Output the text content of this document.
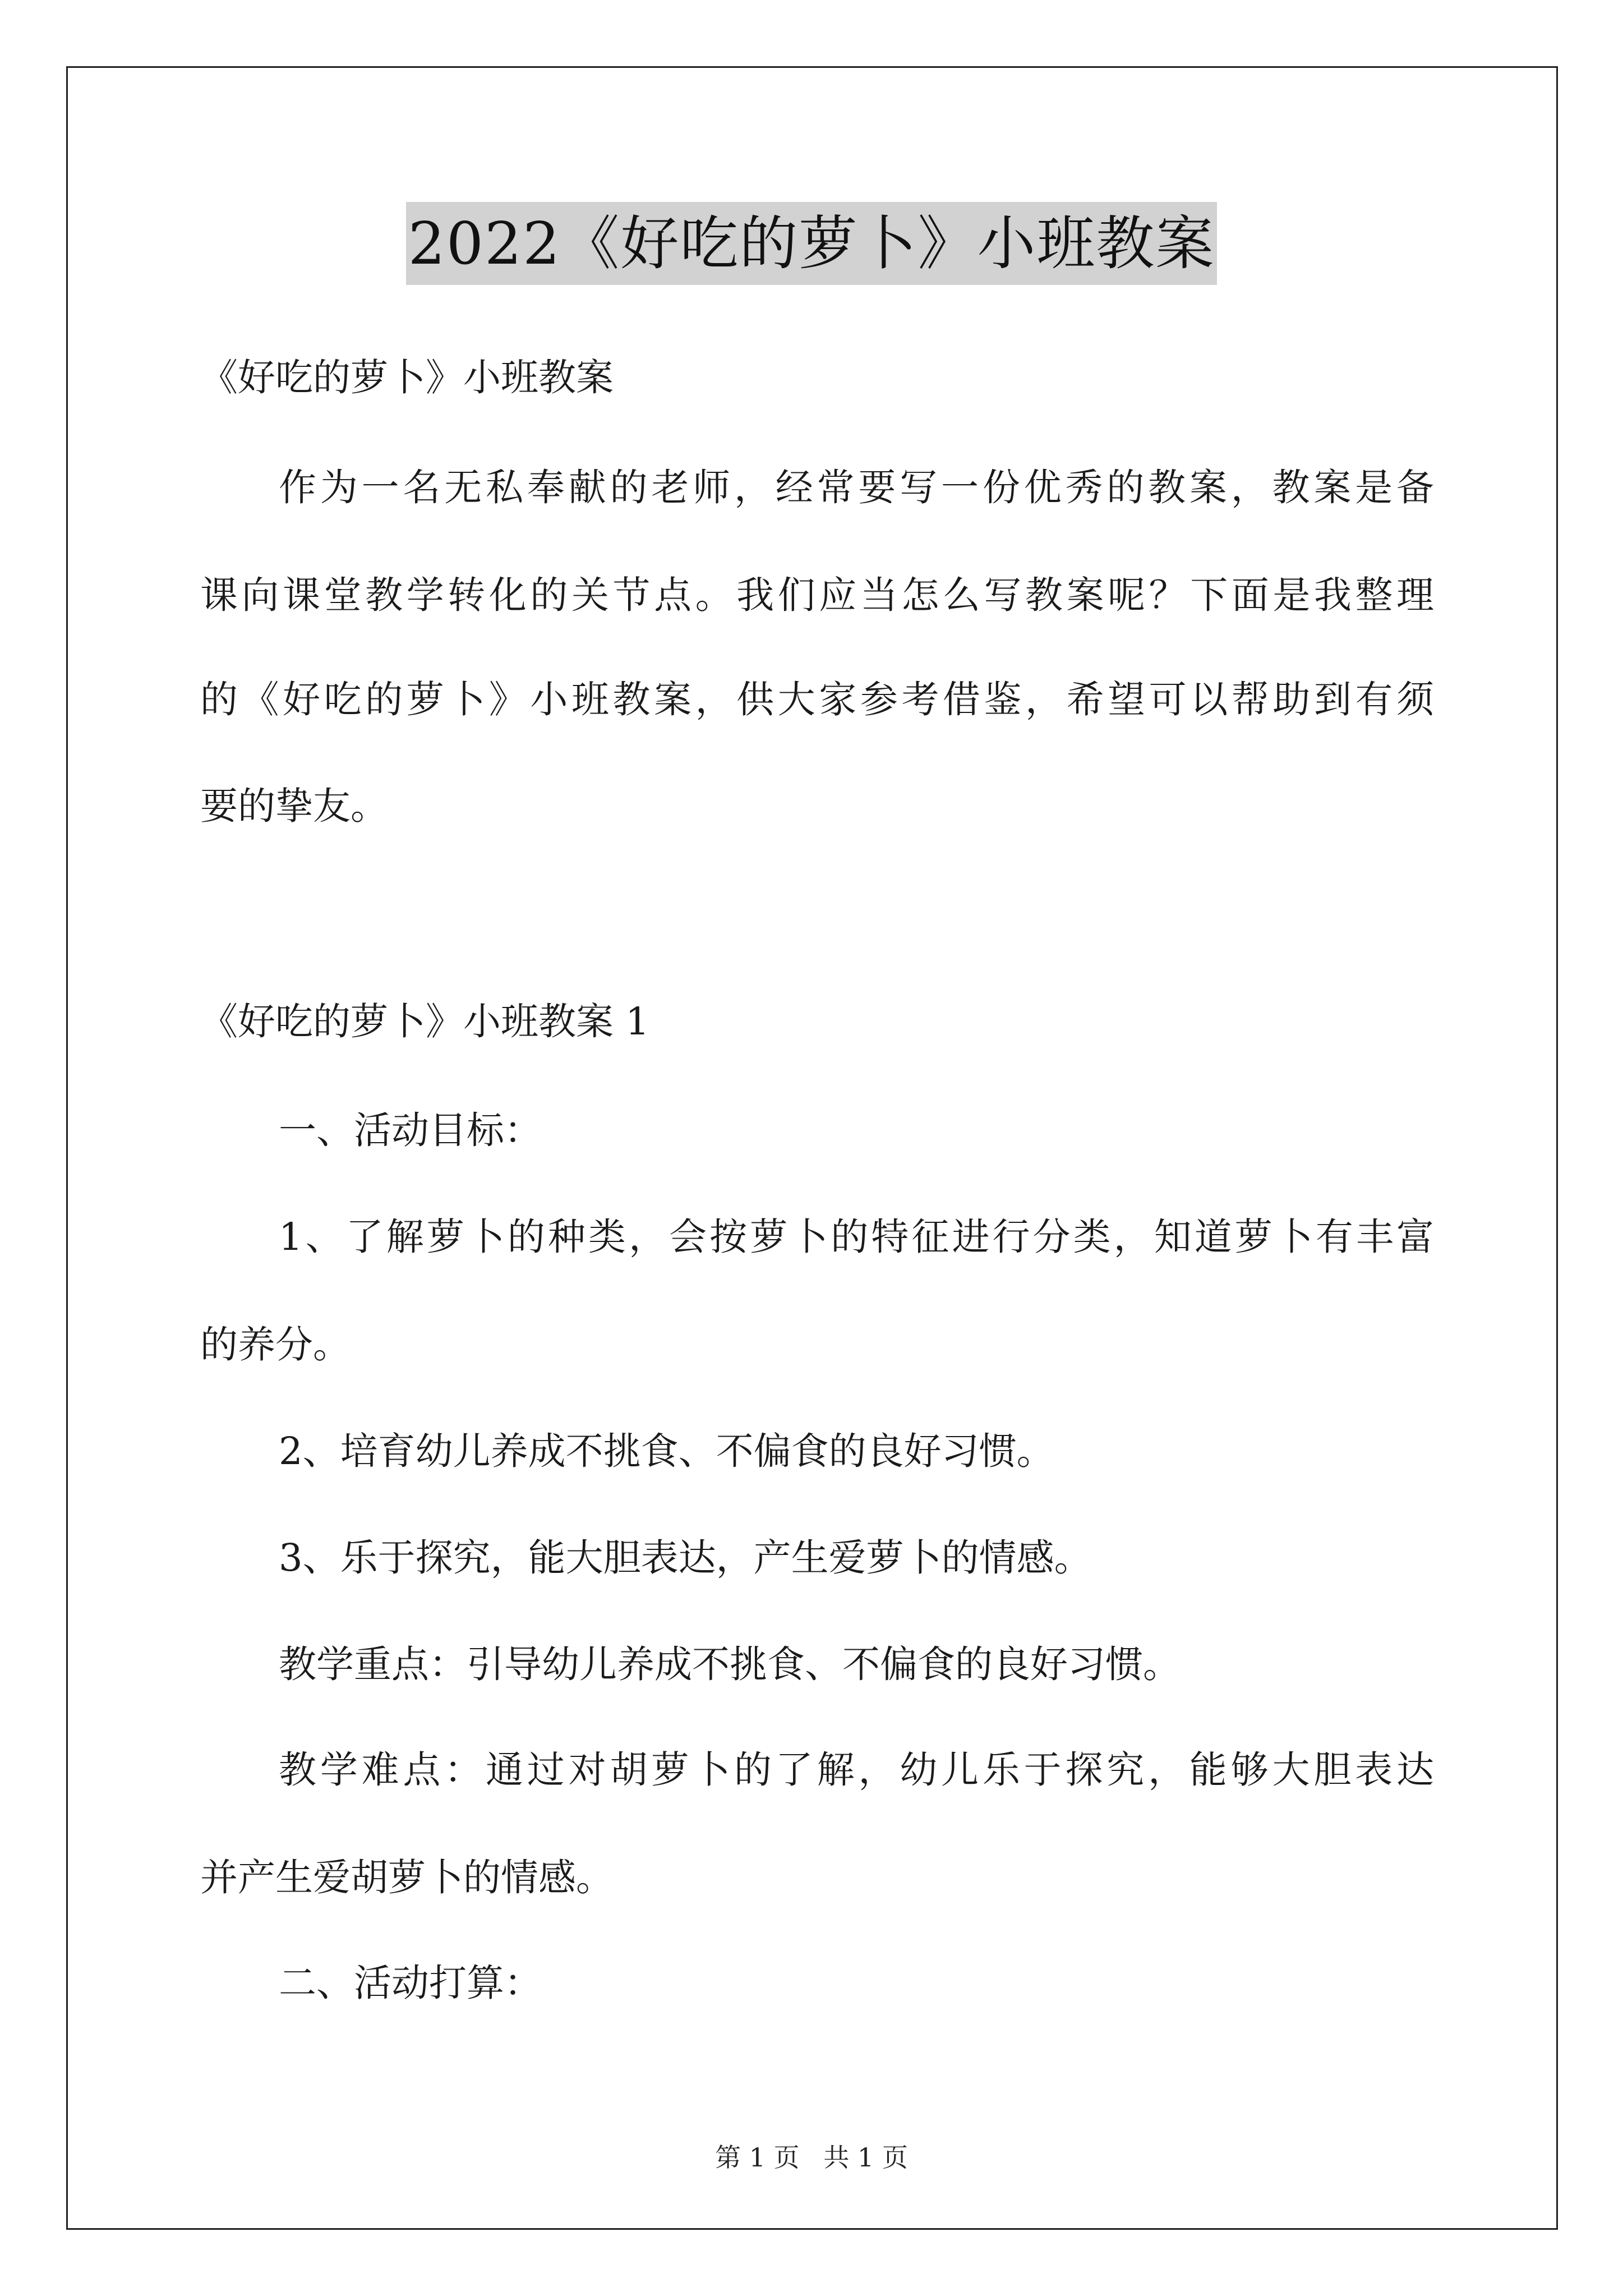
2022《好吃的萝卜》小班教案
《好吃的萝卜》小班教案
作为一名无私奉献的老师，经常要写一份优秀的教案，教案是备
课向课堂教学转化的关节点。我们应当怎么写教案呢？下面是我整理
的《好吃的萝卜》小班教案，供大家参考借鉴，希望可以帮助到有须
要的挚友。
《好吃的萝卜》小班教案 1
一、活动目标：
1、了解萝卜的种类，会按萝卜的特征进行分类，知道萝卜有丰富
的养分。
2、培育幼儿养成不挑食、不偏食的良好习惯。
3、乐于探究，能大胆表达，产生爱萝卜的情感。
教学重点：引导幼儿养成不挑食、不偏食的良好习惯。
教学难点：通过对胡萝卜的了解，幼儿乐于探究，能够大胆表达
并产生爱胡萝卜的情感。
二、活动打算：
第 1 页 共 1 页
